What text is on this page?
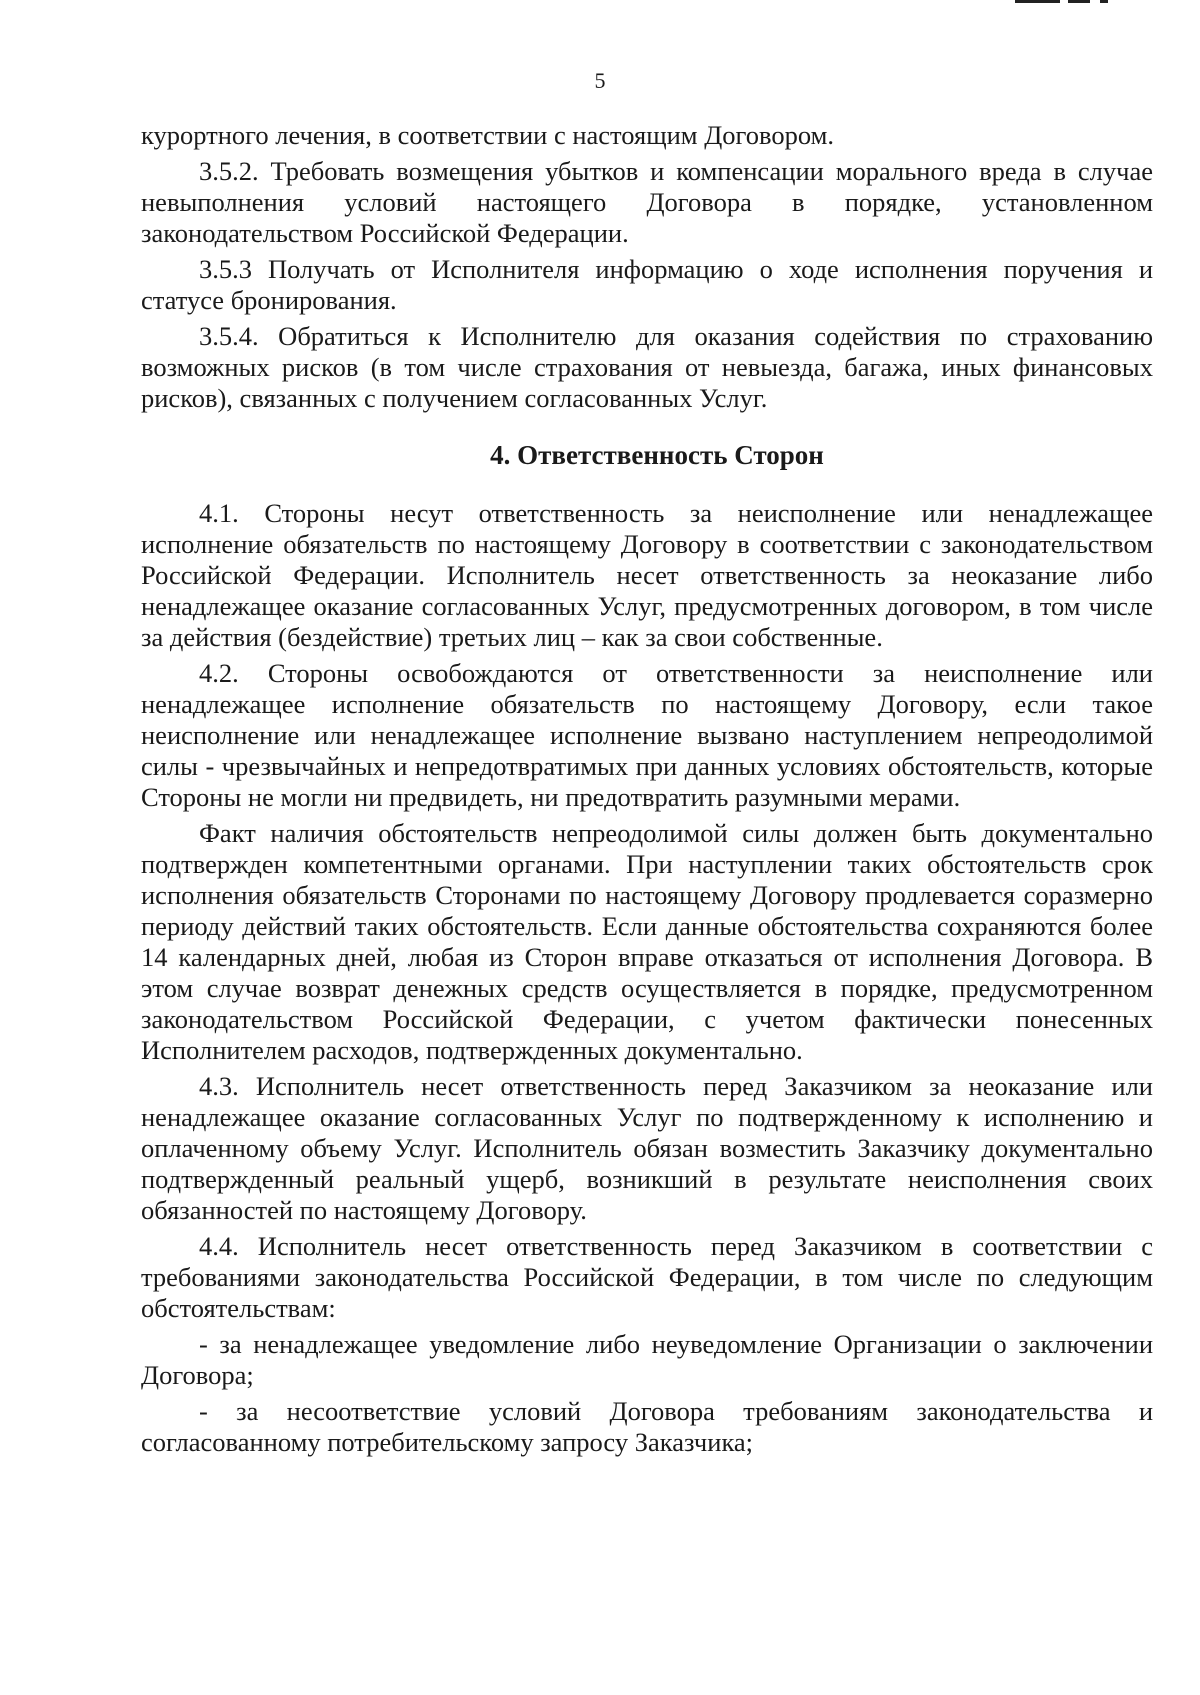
5

курортного лечения, в соответствии с настоящим Договором.

3.5.2. Требовать возмещения убытков и компенсации морального вреда в случае невыполнения условий настоящего Договора в порядке, установленном законодательством Российской Федерации.

3.5.3 Получать от Исполнителя информацию о ходе исполнения поручения и статусе бронирования.

3.5.4. Обратиться к Исполнителю для оказания содействия по страхованию возможных рисков (в том числе страхования от невыезда, багажа, иных финансовых рисков), связанных с получением согласованных Услуг.

4. Ответственность Сторон

4.1. Стороны несут ответственность за неисполнение или ненадлежащее исполнение обязательств по настоящему Договору в соответствии с законодательством Российской Федерации. Исполнитель несет ответственность за неоказание либо ненадлежащее оказание согласованных Услуг, предусмотренных договором, в том числе за действия (бездействие) третьих лиц – как за свои собственные.

4.2. Стороны освобождаются от ответственности за неисполнение или ненадлежащее исполнение обязательств по настоящему Договору, если такое неисполнение или ненадлежащее исполнение вызвано наступлением непреодолимой силы - чрезвычайных и непредотвратимых при данных условиях обстоятельств, которые Стороны не могли ни предвидеть, ни предотвратить разумными мерами.

Факт наличия обстоятельств непреодолимой силы должен быть документально подтвержден компетентными органами. При наступлении таких обстоятельств срок исполнения обязательств Сторонами по настоящему Договору продлевается соразмерно периоду действий таких обстоятельств. Если данные обстоятельства сохраняются более 14 календарных дней, любая из Сторон вправе отказаться от исполнения Договора. В этом случае возврат денежных средств осуществляется в порядке, предусмотренном законодательством Российской Федерации, с учетом фактически понесенных Исполнителем расходов, подтвержденных документально.

4.3. Исполнитель несет ответственность перед Заказчиком за неоказание или ненадлежащее оказание согласованных Услуг по подтвержденному к исполнению и оплаченному объему Услуг. Исполнитель обязан возместить Заказчику документально подтвержденный реальный ущерб, возникший в результате неисполнения своих обязанностей по настоящему Договору.

4.4. Исполнитель несет ответственность перед Заказчиком в соответствии с требованиями законодательства Российской Федерации, в том числе по следующим обстоятельствам:

- за ненадлежащее уведомление либо неуведомление Организации о заключении Договора;

- за несоответствие условий Договора требованиям законодательства и согласованному потребительскому запросу Заказчика;
